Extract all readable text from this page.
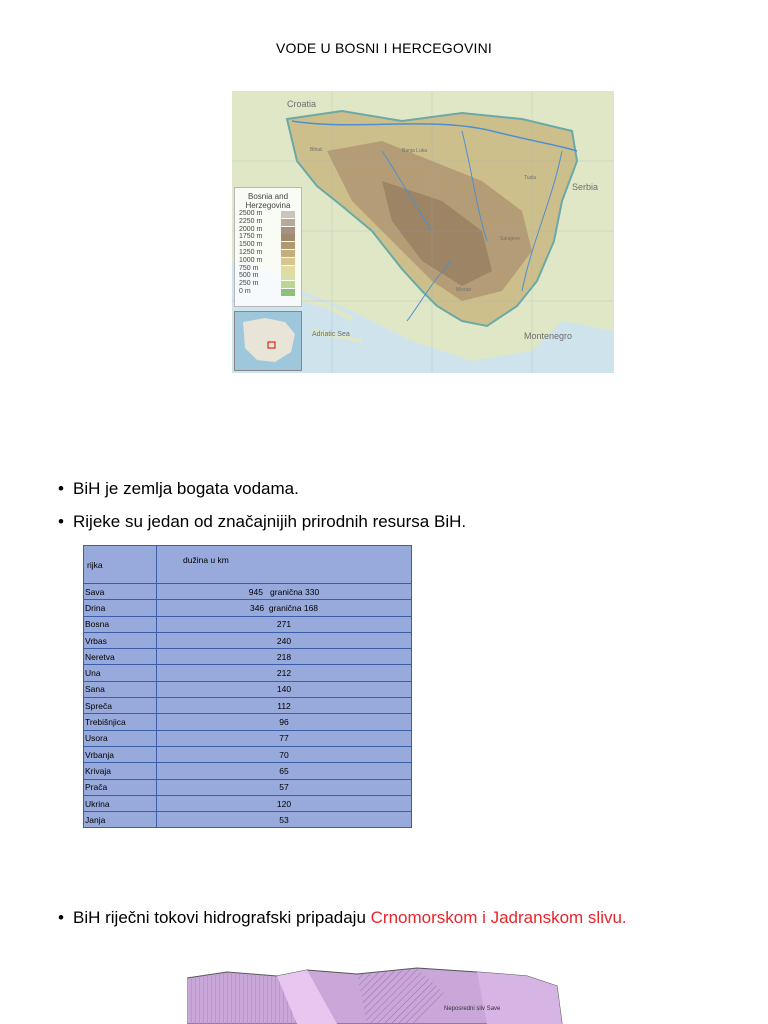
VODE U BOSNI I HERCEGOVINI
Croatia
Serbia
Montenegro
Adriatic Sea
Banja Luka
Sarajevo
Tuzla
Mostar
Bihać
Bosnia and Herzegovina
2500 m
2250 m
2000 m
1750 m
1500 m
1250 m
1000 m
750 m
500 m
250 m
0 m
• BiH je zemlja bogata vodama.
• Rijeke su jedan od značajnijih prirodnih resursa BiH.
rijka	dužina u km
Sava	945   granična 330
Drina	346  granična 168
Bosna	271
Vrbas	240
Neretva	218
Una	212
Sana	140
Spreča	112
Trebišnjica	96
Usora	77
Vrbanja	70
Krivaja	65
Prača	57
Ukrina	120
Janja	53
• BiH riječni tokovi hidrografski pripadaju Crnomorskom i Jadranskom slivu.
Neposredni sliv Save
